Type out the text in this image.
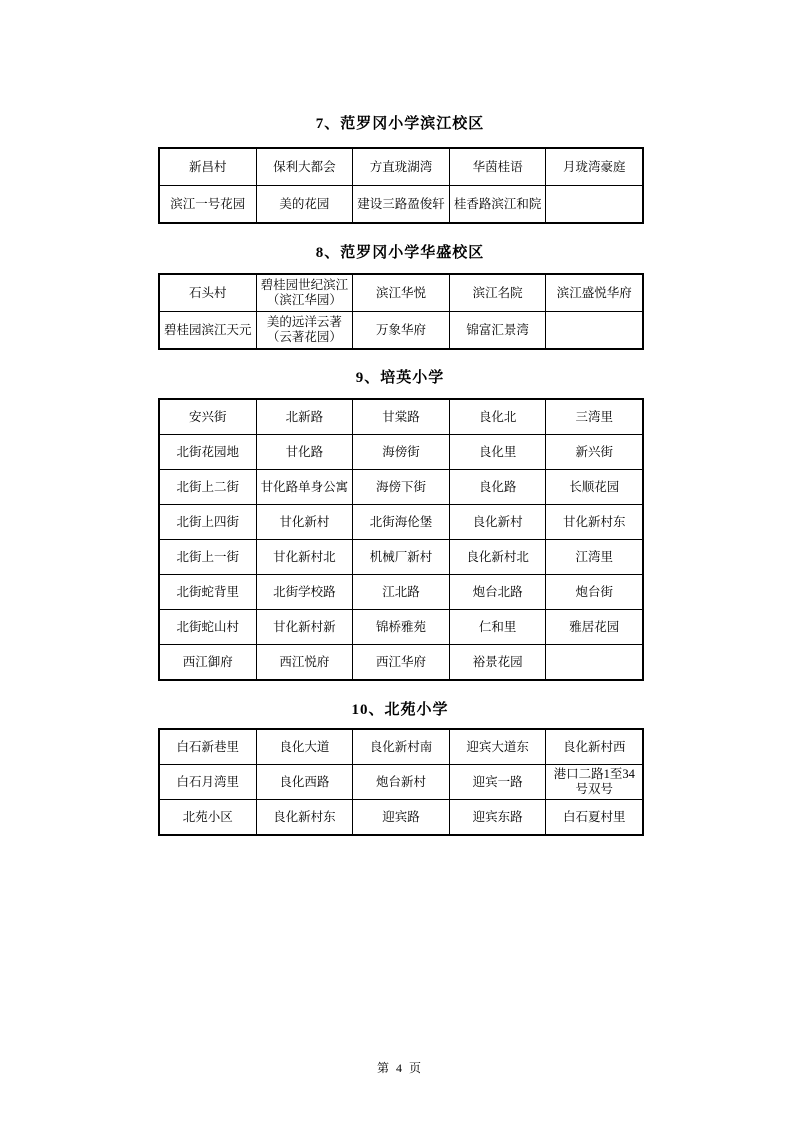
7、范罗冈小学滨江校区
新昌村	保利大都会	方直珑湖湾	华茵桂语	月珑湾豪庭
滨江一号花园	美的花园	建设三路盈俊轩	桂香路滨江和院	
8、范罗冈小学华盛校区
石头村	碧桂园世纪滨江（滨江华园）	滨江华悦	滨江名院	滨江盛悦华府
碧桂园滨江天元	美的远洋云著（云著花园）	万象华府	锦富汇景湾	
9、培英小学
安兴街	北新路	甘棠路	良化北	三湾里
北街花园地	甘化路	海傍街	良化里	新兴街
北街上二街	甘化路单身公寓	海傍下街	良化路	长顺花园
北街上四街	甘化新村	北街海伦堡	良化新村	甘化新村东
北街上一街	甘化新村北	机械厂新村	良化新村北	江湾里
北街蛇背里	北街学校路	江北路	炮台北路	炮台街
北街蛇山村	甘化新村新	锦桥雅苑	仁和里	雅居花园
西江御府	西江悦府	西江华府	裕景花园	
10、北苑小学
白石新巷里	良化大道	良化新村南	迎宾大道东	良化新村西
白石月湾里	良化西路	炮台新村	迎宾一路	港口二路1至34号双号
北苑小区	良化新村东	迎宾路	迎宾东路	白石夏村里
第 4 页
